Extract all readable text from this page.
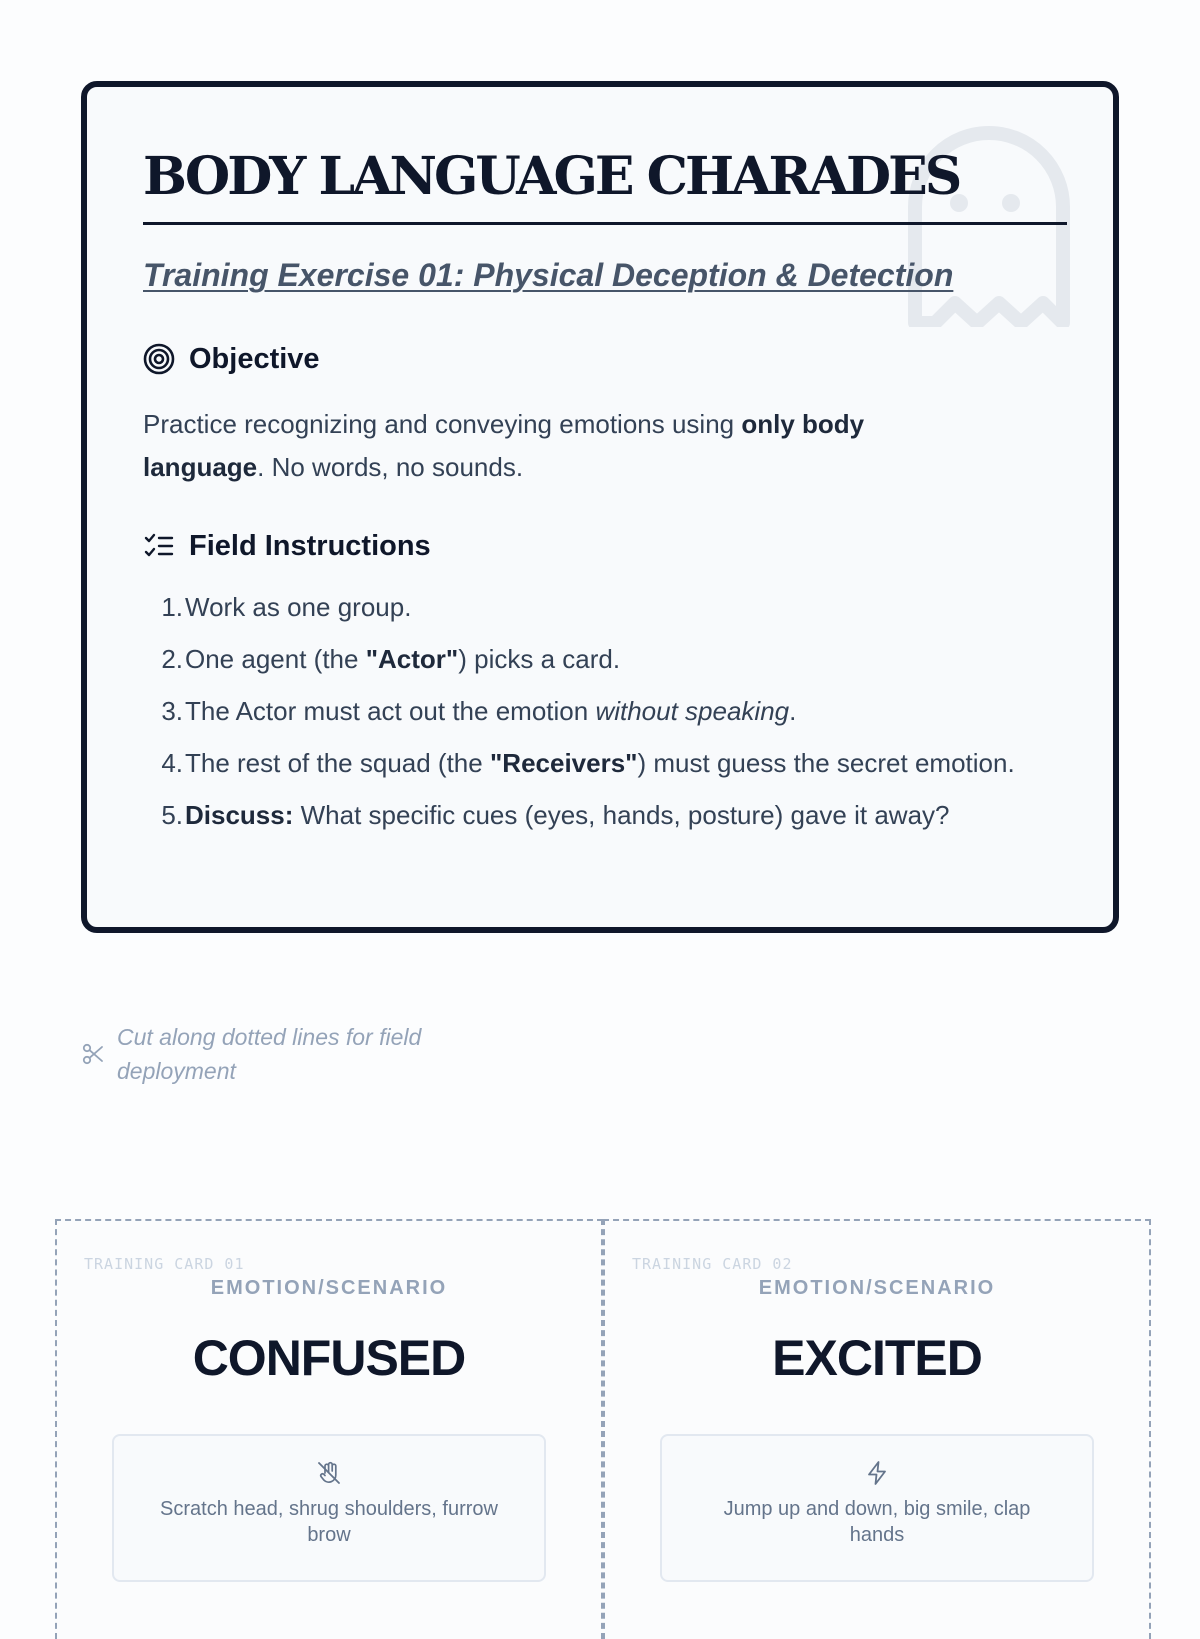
BODY LANGUAGE CHARADES
Training Exercise 01: Physical Deception & Detection
Objective

Practice recognizing and conveying emotions using only body language. No words, no sounds.

Field Instructions
1. Work as one group.
2. One agent (the "Actor") picks a card.
3. The Actor must act out the emotion without speaking.
4. The rest of the squad (the "Receivers") must guess the secret emotion.
5. Discuss: What specific cues (eyes, hands, posture) gave it away?
Cut along dotted lines for field deployment
TRAINING CARD 01
EMOTION/SCENARIO
CONFUSED
Scratch head, shrug shoulders, furrow brow
TRAINING CARD 02
EMOTION/SCENARIO
EXCITED
Jump up and down, big smile, clap hands
